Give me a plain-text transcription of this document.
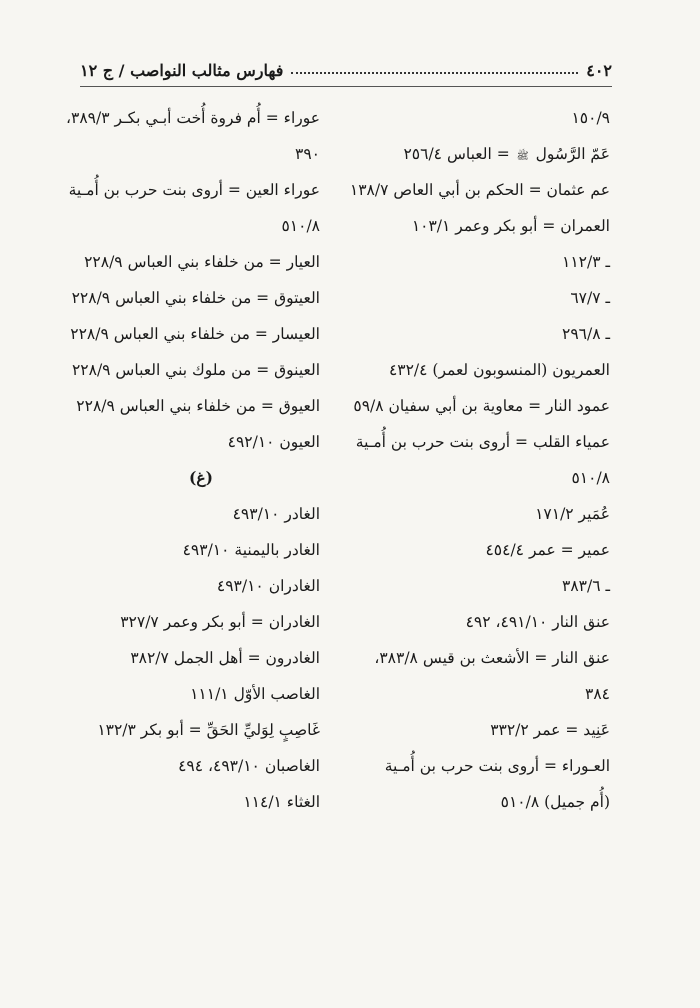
٤٠٢
فهارس مثالب النواصب / ج ١٢
١٥٠/٩
عَمّ الرَّسُول ﷺ = العباس ٢٥٦/٤
عم عثمان = الحكم بن أبي العاص ١٣٨/٧
العمران = أبو بكر وعمر ١٠٣/١
ـ ١١٢/٣
ـ ٦٧/٧
ـ ٢٩٦/٨
العمريون (المنسوبون لعمر) ٤٣٢/٤
عمود النار = معاوية بن أبي سفيان ٥٩/٨
عمياء القلب = أروى بنت حرب بن أُمـية
٥١٠/٨
عُمَير ١٧١/٢
عمير = عمر ٤٥٤/٤
ـ ٣٨٣/٦
عنق النار ٤٩١/١٠، ٤٩٢
عنق النار = الأشعث بن قيس ٣٨٣/٨،
٣٨٤
عَنِيد = عمر ٣٣٢/٢
العـوراء = أروى بنت حرب بن أُمـية
(أُم جميل) ٥١٠/٨
عوراء = أُم فروة أُخت أبـي بكـر ٣٨٩/٣،
٣٩٠
عوراء العين = أروى بنت حرب بن أُمـية
٥١٠/٨
العيار = من خلفاء بني العباس ٢٢٨/٩
العيتوق = من خلفاء بني العباس ٢٢٨/٩
العيسار = من خلفاء بني العباس ٢٢٨/٩
العينوق = من ملوك بني العباس ٢٢٨/٩
العيوق = من خلفاء بني العباس ٢٢٨/٩
العيون ٤٩٢/١٠
(غ)
الغادر ٤٩٣/١٠
الغادر باليمنية ٤٩٣/١٠
الغادران ٤٩٣/١٠
الغادران = أبو بكر وعمر ٣٢٧/٧
الغادرون = أهل الجمل ٣٨٢/٧
الغاصب الأوّل ١١١/١
غَاصِبٍ لِوَليِّ الحَقِّ = أبو بكر ١٣٢/٣
الغاصبان ٤٩٣/١٠، ٤٩٤
الغثاء ١١٤/١
